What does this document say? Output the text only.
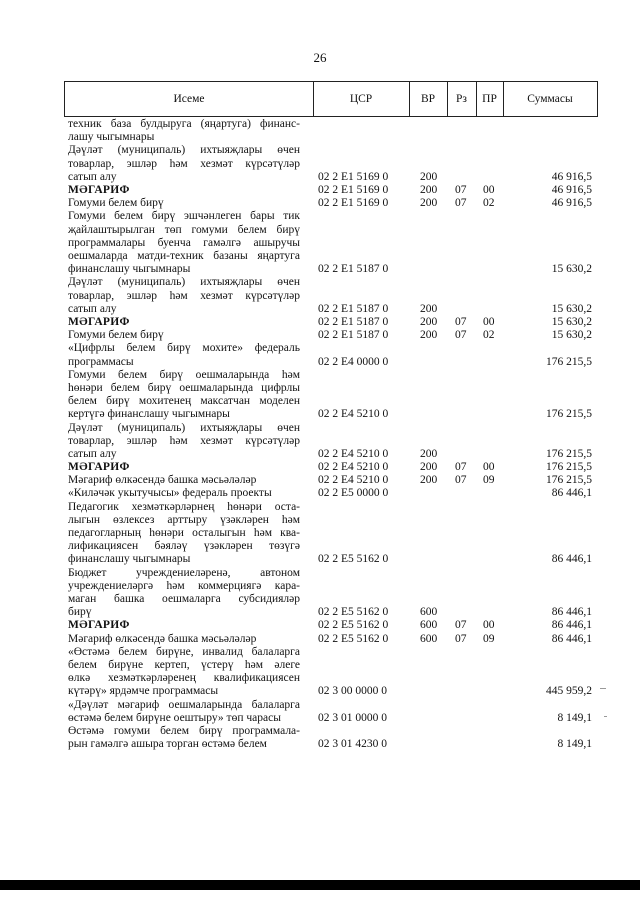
26
Исеме	ЦСР	ВР	Рз	ПР	Суммасы
техник база булдыруга (яңартуга) финанс-
лашу чыгымнары
Дәүләт (муниципаль) ихтыяҗлары өчен
товарлар, эшләр һәм хезмәт күрсәтүләр
сатып алу	02 2 E1 5169 0	200	46 916,5
МӘГАРИФ	02 2 E1 5169 0	200 07 00	46 916,5
Гомуми белем бирү	02 2 E1 5169 0	200 07 02	46 916,5
Гомуми белем бирү эшчәнлеген бары тик
җайлаштырылган төп гомуми белем бирү
программалары буенча гамәлгә ашыручы
оешмаларда матди-техник базаны яңартуга
финанслашу чыгымнары	02 2 E1 5187 0	15 630,2
Дәүләт (муниципаль) ихтыяҗлары өчен
товарлар, эшләр һәм хезмәт күрсәтүләр
сатып алу	02 2 E1 5187 0	200	15 630,2
МӘГАРИФ	02 2 E1 5187 0	200 07 00	15 630,2
Гомуми белем бирү	02 2 E1 5187 0	200 07 02	15 630,2
«Цифрлы белем бирү мохите» федераль
программасы	02 2 E4 0000 0	176 215,5
Гомуми белем бирү оешмаларында һәм
һөнәри белем бирү оешмаларында цифрлы
белем бирү мохитенең максатчан моделен
кертүгә финанслашу чыгымнары	02 2 E4 5210 0	176 215,5
Дәүләт (муниципаль) ихтыяҗлары өчен
товарлар, эшләр һәм хезмәт күрсәтүләр
сатып алу	02 2 E4 5210 0	200	176 215,5
МӘГАРИФ	02 2 E4 5210 0	200 07 00	176 215,5
Мәгариф өлкәсендә башка мәсьәләләр	02 2 E4 5210 0	200 07 09	176 215,5
«Киләчәк укытучысы» федераль проекты	02 2 E5 0000 0	86 446,1
Педагогик хезмәткәрләрнең һөнәри оста-
лыгын өзлексез арттыру үзәкләрен һәм
педагогларның һөнәри осталыгын һәм ква-
лификациясен бәяләү үзәкләрен төзүгә
финанслашу чыгымнары	02 2 E5 5162 0	86 446,1
Бюджет учреждениеләренә, автоном
учреждениеләргә һәм коммерциягә кара-
маган башка оешмаларга субсидияләр
бирү	02 2 E5 5162 0	600	86 446,1
МӘГАРИФ	02 2 E5 5162 0	600 07 00	86 446,1
Мәгариф өлкәсендә башка мәсьәләләр	02 2 E5 5162 0	600 07 09	86 446,1
«Өстәмә белем бирүне, инвалид балаларга
белем бирүне кертеп, үстерү һәм әлеге
өлкә хезмәткәрләренең квалификациясен
күтәрү» ярдәмче программасы	02 3 00 0000 0	445 959,2
«Дәүләт мәгариф оешмаларында балаларга
өстәмә белем бирүне оештыру» төп чарасы	02 3 01 0000 0	8 149,1
Өстәмә гомуми белем бирү программала-
рын гамәлгә ашыра торган өстәмә белем	02 3 01 4230 0	8 149,1
